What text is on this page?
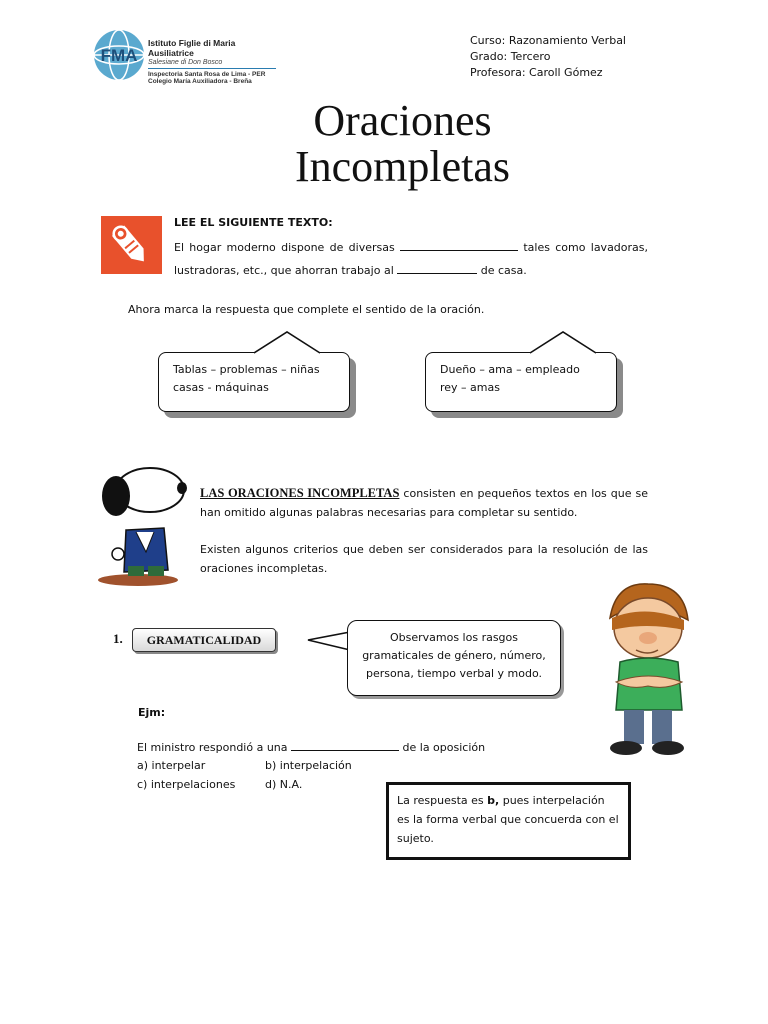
FMA
Istituto Figlie di Maria Ausiliatrice
Salesiane di Don Bosco
Inspectoria Santa Rosa de Lima - PER
Colegio María Auxiliadora - Breña
Curso: Razonamiento Verbal
Grado: Tercero
Profesora: Caroll Gómez
Oraciones
Incompletas
LEE EL SIGUIENTE TEXTO:
El hogar moderno dispone de diversas	tales como lavadoras, lustradoras, etc., que ahorran trabajo al	de casa.
Ahora marca la respuesta que complete el sentido de la oración.
Tablas – problemas – niñas
casas - máquinas
Dueño – ama – empleado
rey – amas
LAS ORACIONES INCOMPLETAS consisten en pequeños textos en los que se han omitido algunas palabras necesarias para completar su sentido.
Existen algunos criterios que deben ser considerados para la resolución de las oraciones incompletas.
1.	GRAMATICALIDAD	Observamos los rasgos gramaticales de género, número, persona, tiempo verbal y modo.
Ejm:
El ministro respondió a una	de la oposición
a) interpelar	b) interpelación
c) interpelaciones	d) N.A.
La respuesta es b, pues interpelación es la forma verbal que concuerda con el sujeto.
